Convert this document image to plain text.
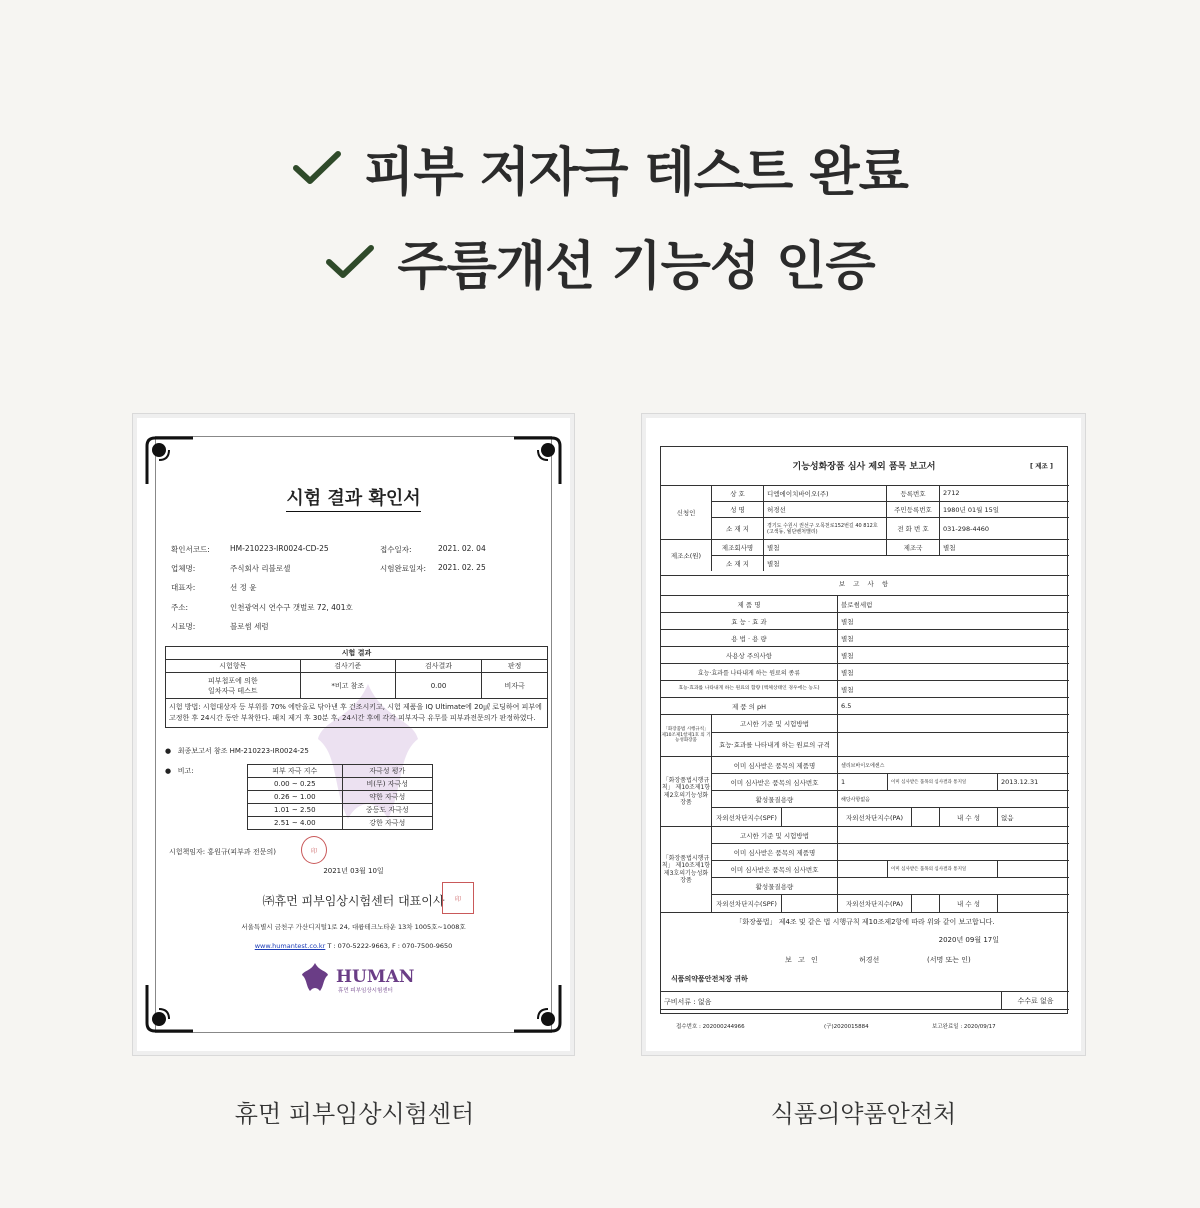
피부 저자극 테스트 완료
주름개선 기능성 인증
시험 결과 확인서
확인서코드:	HM-210223-IR0024-CD-25	접수일자:	2021. 02. 04
업체명:	주식회사 리블로셀	시험완료일자: 2021. 02. 25
대표자:	선 정 윤
주소:	인천광역시 연수구 갯벌로 72, 401호
시료명:	블로썸 세럼
시험 결과			
시험항목	검사기준	검사결과	판정

피부첩포에 의한
일차자극 테스트	*비고 참조	0.00	비자극
시험 방법: 시험대상자 등 부위를 70% 에탄올로 닦아낸 후 건조시키고, 시험 제품을 IQ Ultimate에 20㎕ 로딩하여 피부에 고정한 후 24시간 동안 부착한다. 패치 제거 후 30분 후, 24시간 후에 각각 피부자극 유무를 피부과전문의가 판정하였다.			
●   최종보고서 참조 HM-210223-IR0024-25
●   비고:	피부 자극 지수	자극성 평가
0.00 ~ 0.25	비(무) 자극성
0.26 ~ 1.00	약한 자극성
1.01 ~ 2.50	중등도 자극성
2.51 ~ 4.00	강한 자극성
시험책임자: 홍원규(피부과 전문의)	印
2021년 03월 10일
㈜휴먼 피부임상시험센터 대표이사	印
서울특별시 금천구 가산디지털1로 24, 대륭테크노타운 13차 1005호~1008호
www.humantest.co.kr T : 070-5222-9663, F : 070-7500-9650
HUMAN
휴먼 피부임상시험센터
기능성화장품 심사 제외 품목 보고서	[ 제조 ]
신청인
상 호	디엠에이치바이오(주)	등록번호	2712
성 명	허경선	주민등록번호	1980년 01월 15일
소 재 지	경기도 수원시 권선구 오목천로152번길 40 812호 (고색동, 월단벤처밸리)	전 화 번 호	031-298-4460
제조소(원)
제조회사명	별첨	제조국	별첨
소 재 지	별첨
보 고 사 항
제 품 명	블로썸세럼
효 능 · 효 과	별첨
용 법 · 용 량	별첨
사용상 주의사항	별첨
효능·효과를 나타내게 하는 원료의 종류	별첨
효능·효과를 나타내게 하는 원료의 함량 (액체상태인 경우에는 농도)	별첨
제 품 의 pH	6.5
「화장품법 시행규칙」 제10조제1항제1호 의 기능성화장품
고시한 기준 및 시험방법
효능·효과를 나타내게 하는 원료의 규격
「화장품법시행규칙」 제10조제1항제2호의기능성화장품
이미 심사받은 품목의 제품명	셀리브바이오에센스
이미 심사받은 품목의 심사번호	1	이미 심사받은 품목의 심사결과 통지일	2013.12.31
활성물질용량	해당사항없음
자외선차단지수(SPF)	자외선차단지수(PA)	내 수 성	없음
「화장품법시행규칙」 제10조제1항제3호의기능성화장품
고시한 기준 및 시험방법
이미 심사받은 품목의 제품명
이미 심사받은 품목의 심사번호	이미 심사받은 품목의 심사결과 통지일
활성물질용량
자외선차단지수(SPF)	자외선차단지수(PA)	내 수 성
「화장품법」 제4조 및 같은 법 시행규칙 제10조제2항에 따라 위와 같이 보고합니다.
2020년 09월 17일
보 고 인	허경선	(서명 또는 인)
식품의약품안전처장 귀하
구비서류 : 없음	수수료 없음
접수번호 : 202000244966	(구)2020015884	보고완료일 : 2020/09/17
휴먼 피부임상시험센터	식품의약품안전처
